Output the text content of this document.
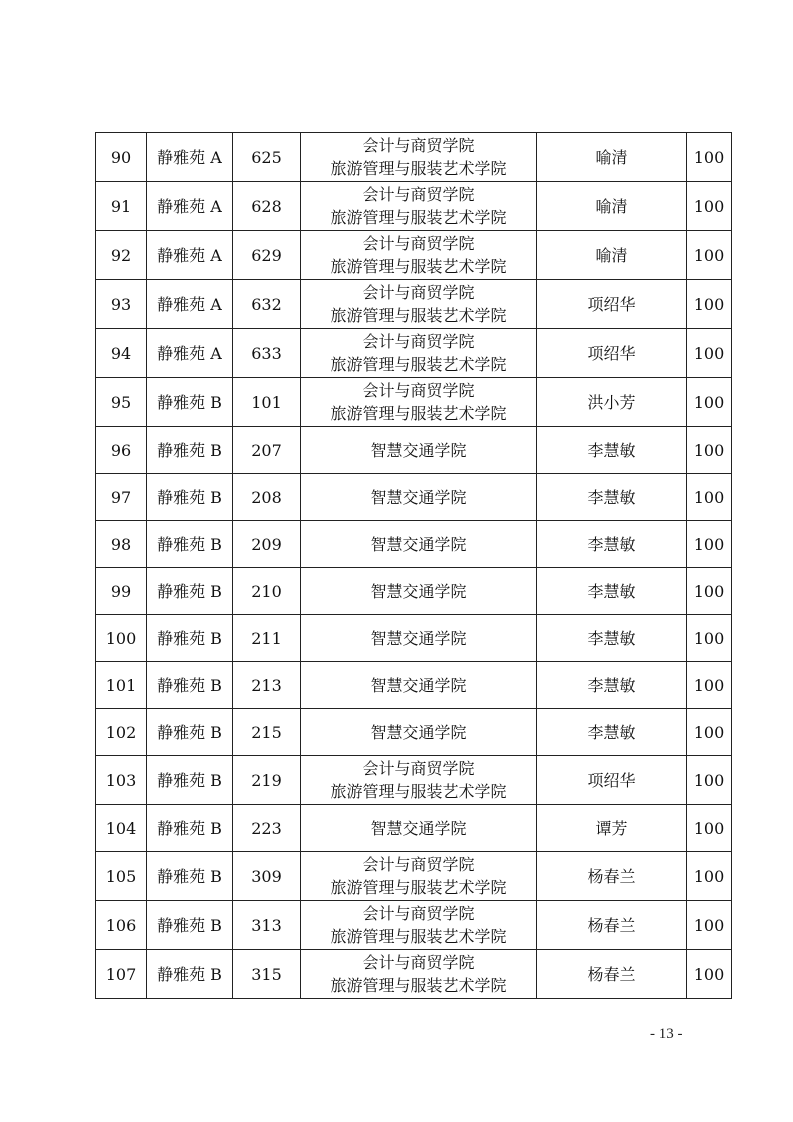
90	静雅苑 A	625	会计与商贸学院
旅游管理与服装艺术学院	喻清	100
91	静雅苑 A	628	会计与商贸学院
旅游管理与服装艺术学院	喻清	100
92	静雅苑 A	629	会计与商贸学院
旅游管理与服装艺术学院	喻清	100
93	静雅苑 A	632	会计与商贸学院
旅游管理与服装艺术学院	项绍华	100
94	静雅苑 A	633	会计与商贸学院
旅游管理与服装艺术学院	项绍华	100
95	静雅苑 B	101	会计与商贸学院
旅游管理与服装艺术学院	洪小芳	100
96	静雅苑 B	207	智慧交通学院	李慧敏	100
97	静雅苑 B	208	智慧交通学院	李慧敏	100
98	静雅苑 B	209	智慧交通学院	李慧敏	100
99	静雅苑 B	210	智慧交通学院	李慧敏	100
100	静雅苑 B	211	智慧交通学院	李慧敏	100
101	静雅苑 B	213	智慧交通学院	李慧敏	100
102	静雅苑 B	215	智慧交通学院	李慧敏	100
103	静雅苑 B	219	会计与商贸学院
旅游管理与服装艺术学院	项绍华	100
104	静雅苑 B	223	智慧交通学院	谭芳	100
105	静雅苑 B	309	会计与商贸学院
旅游管理与服装艺术学院	杨春兰	100
106	静雅苑 B	313	会计与商贸学院
旅游管理与服装艺术学院	杨春兰	100
107	静雅苑 B	315	会计与商贸学院
旅游管理与服装艺术学院	杨春兰	100
- 13 -
